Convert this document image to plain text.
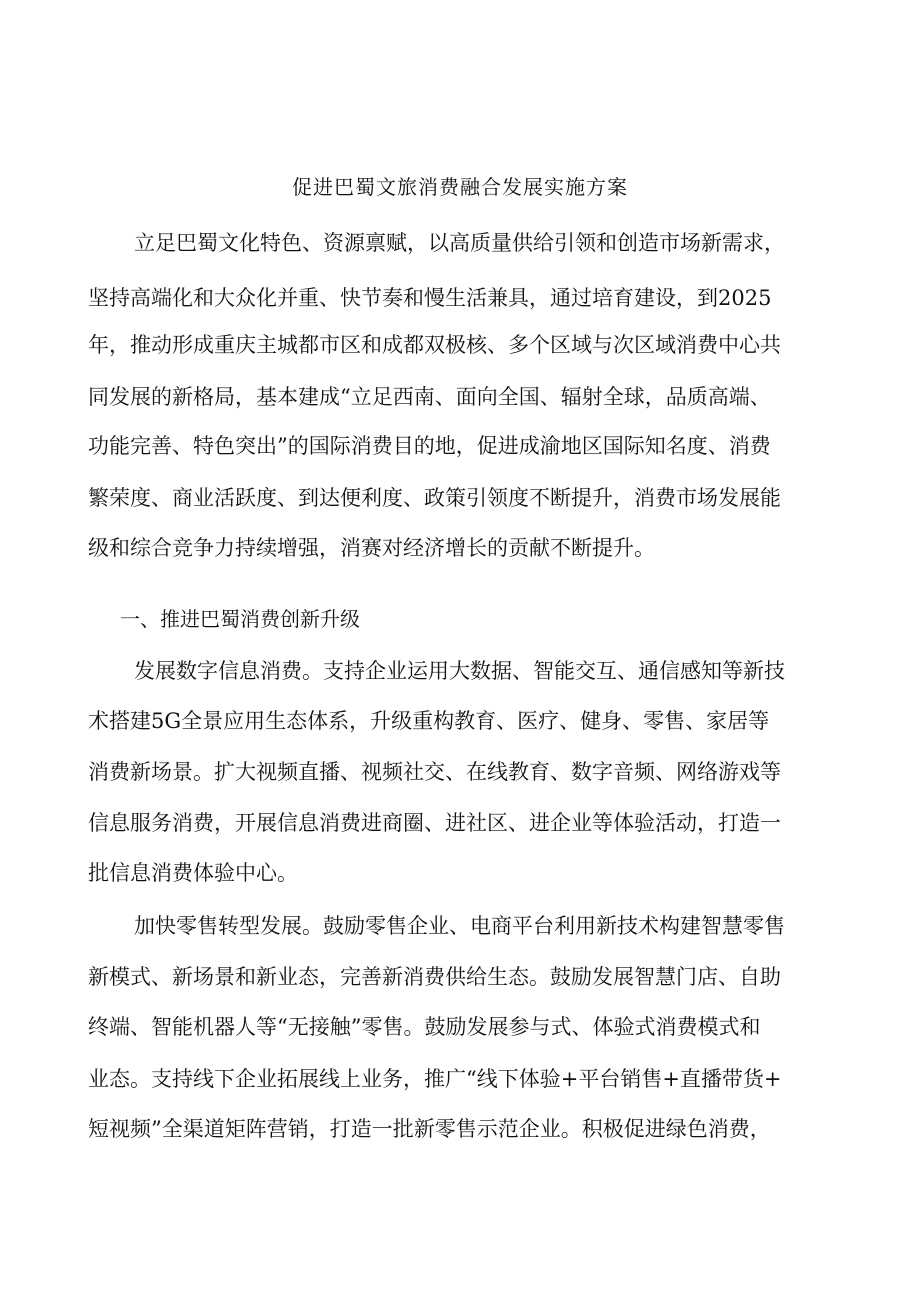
促进巴蜀文旅消费融合发展实施方案
立足巴蜀文化特色、资源禀赋，以高质量供给引领和创造市场新需求，
坚持高端化和大众化并重、快节奏和慢生活兼具，通过培育建设，到2025
年，推动形成重庆主城都市区和成都双极核、多个区域与次区域消费中心共
同发展的新格局，基本建成“立足西南、面向全国、辐射全球，品质高端、
功能完善、特色突出”的国际消费目的地，促进成渝地区国际知名度、消费
繁荣度、商业活跃度、到达便利度、政策引领度不断提升，消费市场发展能
级和综合竞争力持续增强，消赛对经济增长的贡献不断提升。
一、推进巴蜀消费创新升级
发展数字信息消费。支持企业运用大数据、智能交互、通信感知等新技
术搭建5G全景应用生态体系，升级重构教育、医疗、健身、零售、家居等
消费新场景。扩大视频直播、视频社交、在线教育、数字音频、网络游戏等
信息服务消费，开展信息消费进商圈、进社区、进企业等体验活动，打造一
批信息消费体验中心。
加快零售转型发展。鼓励零售企业、电商平台利用新技术构建智慧零售
新模式、新场景和新业态，完善新消费供给生态。鼓励发展智慧门店、自助
终端、智能机器人等“无接触”零售。鼓励发展参与式、体验式消费模式和
业态。支持线下企业拓展线上业务，推广“线下体验+平台销售+直播带货+
短视频”全渠道矩阵营销，打造一批新零售示范企业。积极促进绿色消费，
